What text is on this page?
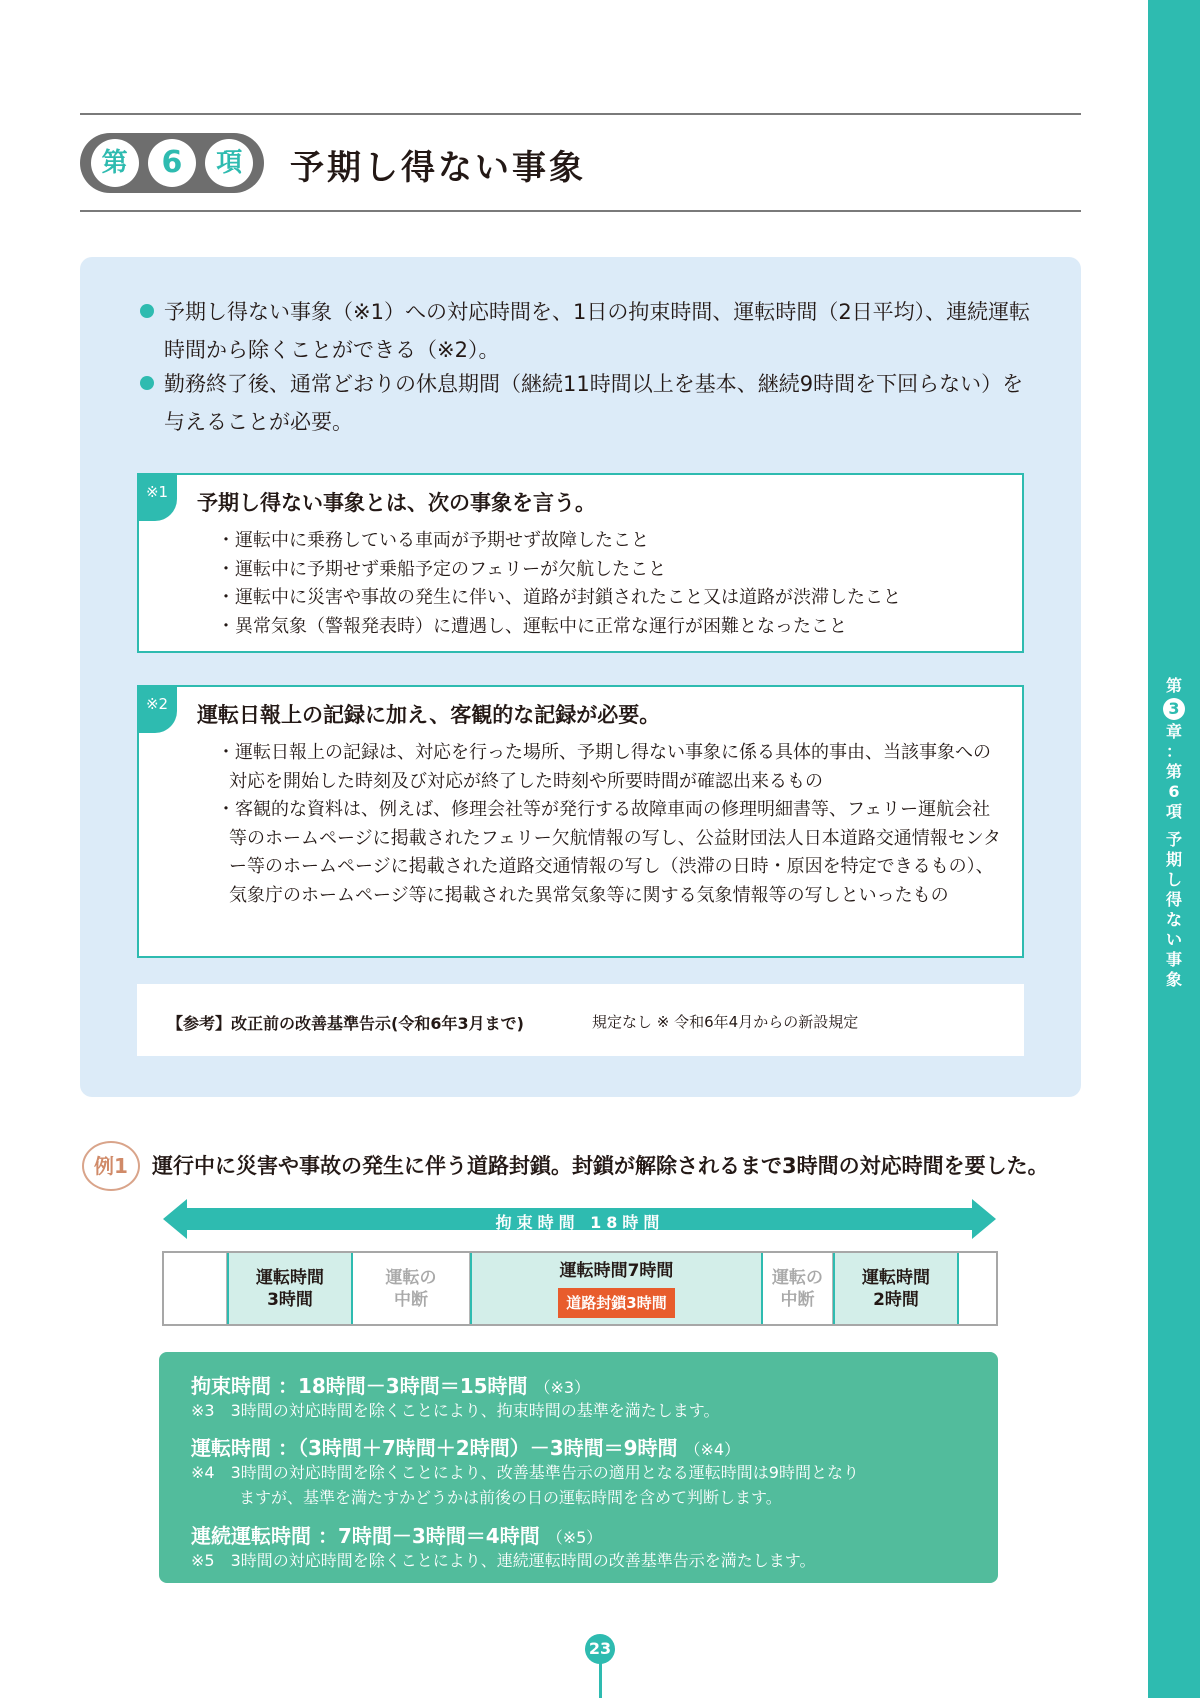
第
3
章
：
第
6
項
予
期
し
得
な
い
事
象
第	6	項	予期し得ない事象
予期し得ない事象（※1）への対応時間を、1日の拘束時間、運転時間（2日平均）、連続運転時間から除くことができる（※2）。
勤務終了後、通常どおりの休息期間（継続11時間以上を基本、継続9時間を下回らない）を与えることが必要。
※1	予期し得ない事象とは、次の事象を言う。
・運転中に乗務している車両が予期せず故障したこと
・運転中に予期せず乗船予定のフェリーが欠航したこと
・運転中に災害や事故の発生に伴い、道路が封鎖されたこと又は道路が渋滞したこと
・異常気象（警報発表時）に遭遇し、運転中に正常な運行が困難となったこと
※2	運転日報上の記録に加え、客観的な記録が必要。
・運転日報上の記録は、対応を行った場所、予期し得ない事象に係る具体的事由、当該事象への対応を開始した時刻及び対応が終了した時刻や所要時間が確認出来るもの
・客観的な資料は、例えば、修理会社等が発行する故障車両の修理明細書等、フェリー運航会社等のホームページに掲載されたフェリー欠航情報の写し、公益財団法人日本道路交通情報センター等のホームページに掲載された道路交通情報の写し（渋滞の日時・原因を特定できるもの）、気象庁のホームページ等に掲載された異常気象等に関する気象情報等の写しといったもの
【参考】改正前の改善基準告示(令和6年3月まで)	規定なし ※ 令和6年4月からの新設規定
例1	運行中に災害や事故の発生に伴う道路封鎖。封鎖が解除されるまで3時間の対応時間を要した。
拘束時間 18時間
運転時間
3時間
運転の
中断
運転時間7時間
道路封鎖3時間
運転の
中断
運転時間
2時間
拘束時間 ：18時間－3時間＝15時間 （※3）
※3　3時間の対応時間を除くことにより、拘束時間の基準を満たします。
運転時間 ：（3時間＋7時間＋2時間）－3時間＝9時間 （※4）
※4　3時間の対応時間を除くことにより、改善基準告示の適用となる運転時間は9時間となり
ますが、基準を満たすかどうかは前後の日の運転時間を含めて判断します。
連続運転時間 ：7時間－3時間＝4時間 （※5）
※5　3時間の対応時間を除くことにより、連続運転時間の改善基準告示を満たします。
23
